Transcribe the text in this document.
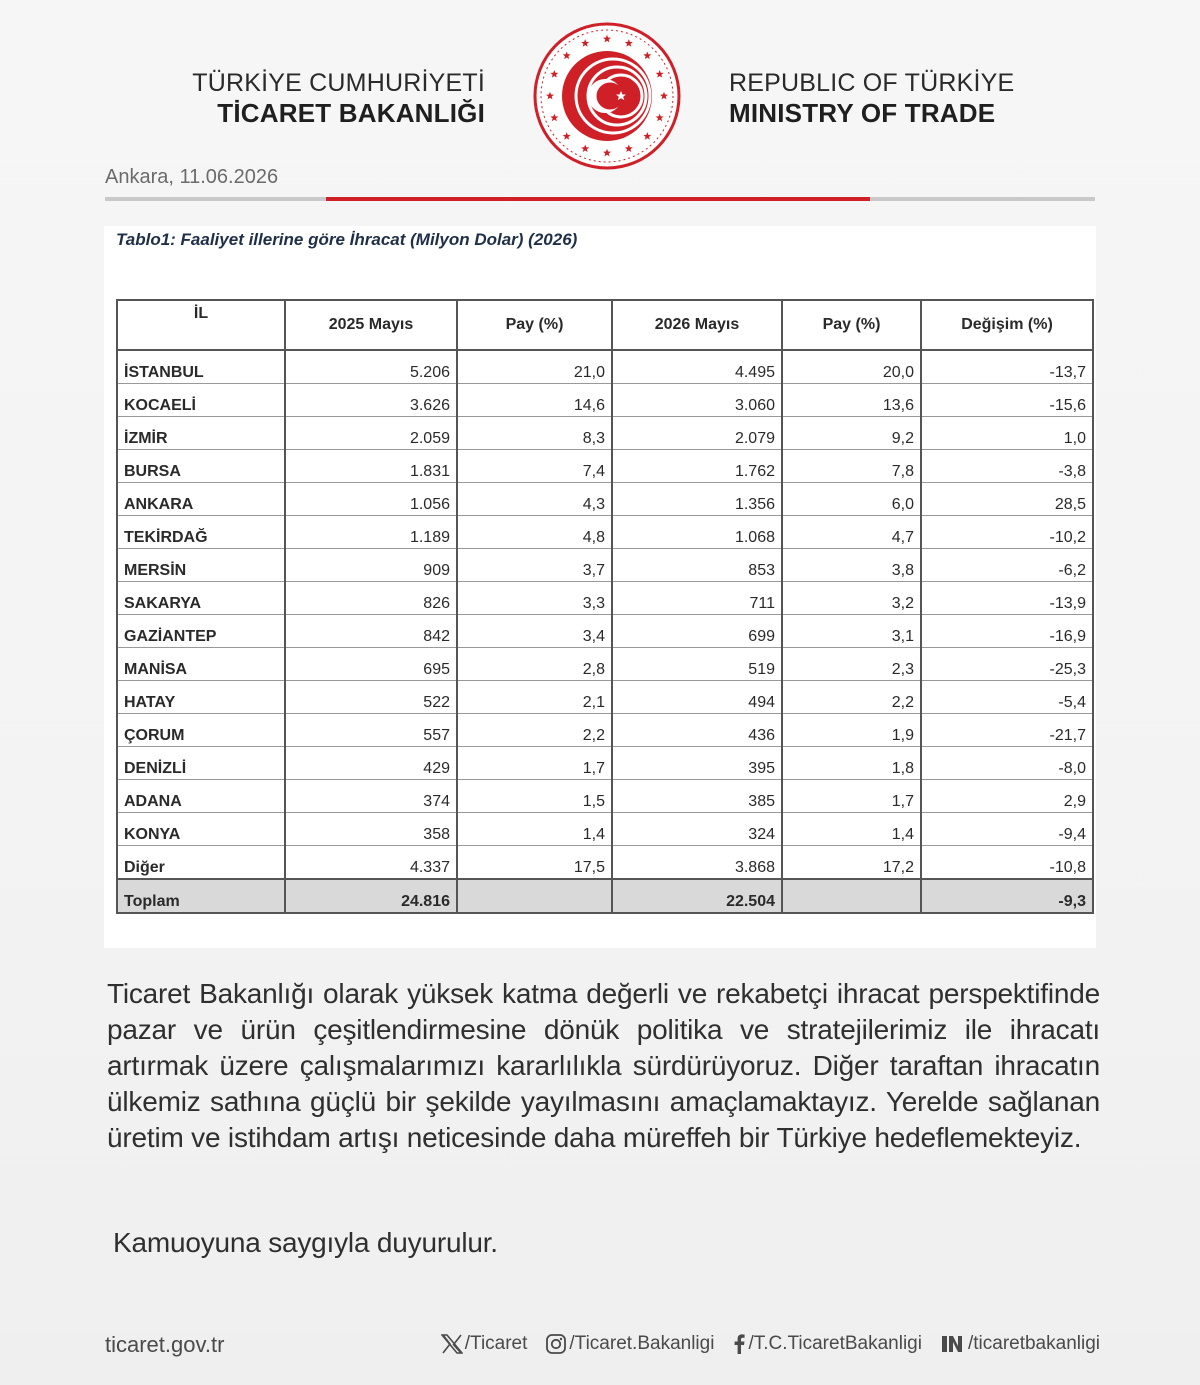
TÜRKİYE CUMHURİYETİ
TİCARET BAKANLIĞI
REPUBLIC OF TÜRKİYE
MINISTRY OF TRADE
Ankara, 11.06.2026
Tablo1: Faaliyet illerine göre İhracat (Milyon Dolar) (2026)
İL	2025 Mayıs	Pay (%)	2026 Mayıs	Pay (%)	Değişim (%)
İSTANBUL	5.206	21,0	4.495	20,0	-13,7
KOCAELİ	3.626	14,6	3.060	13,6	-15,6
İZMİR	2.059	8,3	2.079	9,2	1,0
BURSA	1.831	7,4	1.762	7,8	-3,8
ANKARA	1.056	4,3	1.356	6,0	28,5
TEKİRDAĞ	1.189	4,8	1.068	4,7	-10,2
MERSİN	909	3,7	853	3,8	-6,2
SAKARYA	826	3,3	711	3,2	-13,9
GAZİANTEP	842	3,4	699	3,1	-16,9
MANİSA	695	2,8	519	2,3	-25,3
HATAY	522	2,1	494	2,2	-5,4
ÇORUM	557	2,2	436	1,9	-21,7
DENİZLİ	429	1,7	395	1,8	-8,0
ADANA	374	1,5	385	1,7	2,9
KONYA	358	1,4	324	1,4	-9,4
Diğer	4.337	17,5	3.868	17,2	-10,8
Toplam	24.816		22.504		-9,3
Ticaret Bakanlığı olarak yüksek katma değerli ve rekabetçi ihracat perspektifinde pazar ve ürün çeşitlendirmesine dönük politika ve stratejilerimiz ile ihracatı artırmak üzere çalışmalarımızı kararlılıkla sürdürüyoruz. Diğer taraftan ihracatın ülkemiz sathına güçlü bir şekilde yayılmasını amaçlamaktayız. Yerelde sağlanan üretim ve istihdam artışı neticesinde daha müreffeh bir Türkiye hedeflemekteyiz.
Kamuoyuna saygıyla duyurulur.
ticaret.gov.tr	/Ticaret /Ticaret.Bakanligi /T.C.TicaretBakanligi /ticaretbakanligi
